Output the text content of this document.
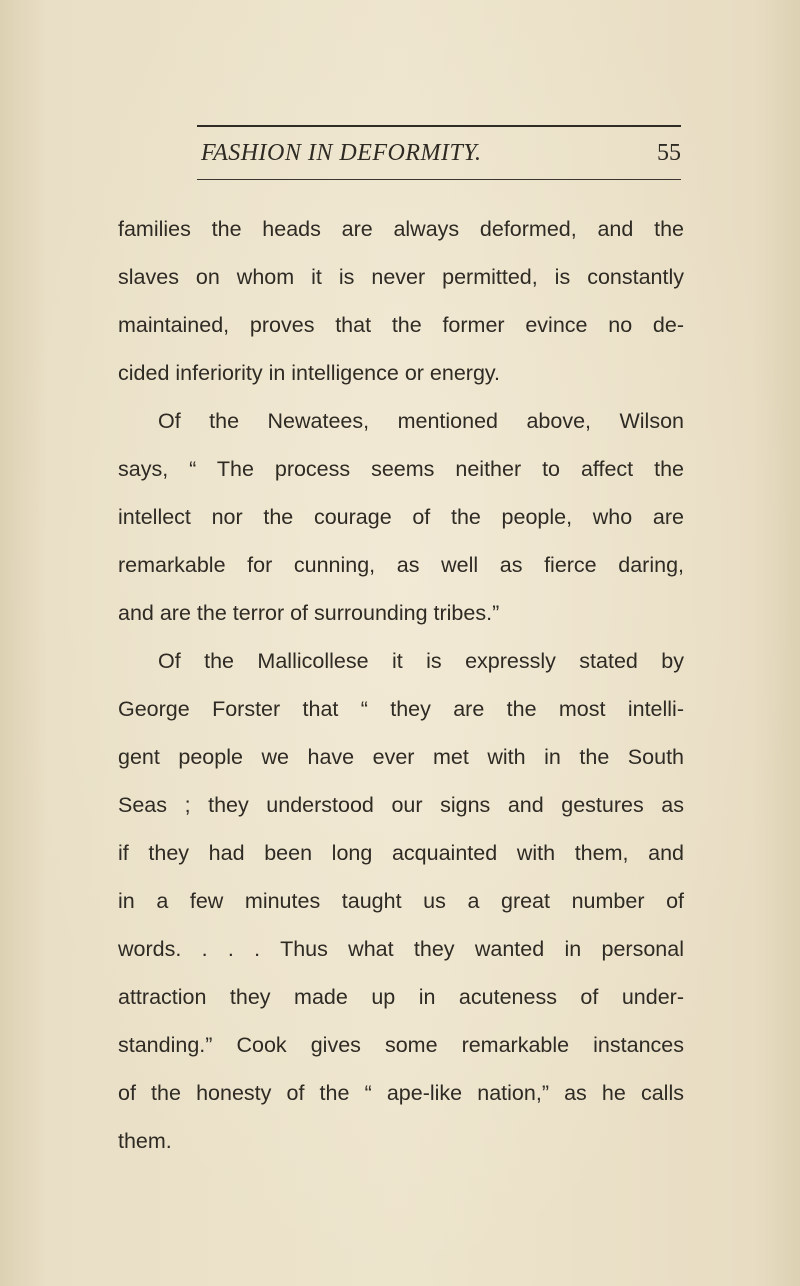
FASHION IN DEFORMITY.	55
families the heads are always deformed, and the
slaves on whom it is never permitted, is constantly
maintained, proves that the former evince no de-
cided inferiority in intelligence or energy.
Of the Newatees, mentioned above, Wilson
says, “ The process seems neither to affect the
intellect nor the courage of the people, who are
remarkable for cunning, as well as fierce daring,
and are the terror of surrounding tribes.”
Of the Mallicollese it is expressly stated by
George Forster that “ they are the most intelli-
gent people we have ever met with in the South
Seas ; they understood our signs and gestures as
if they had been long acquainted with them, and
in a few minutes taught us a great number of
words. . . . Thus what they wanted in personal
attraction they made up in acuteness of under-
standing.” Cook gives some remarkable instances
of the honesty of the “ ape-like nation,” as he calls
them.
